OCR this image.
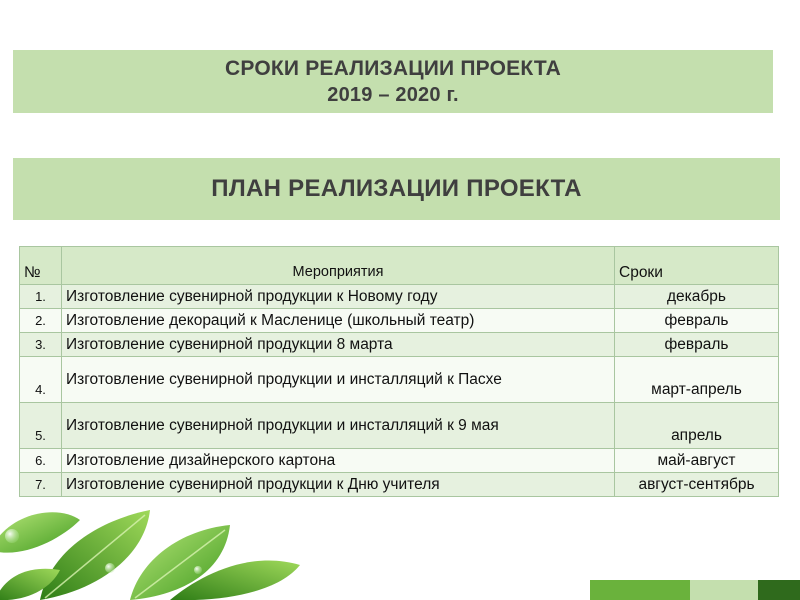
СРОКИ РЕАЛИЗАЦИИ ПРОЕКТА
2019 – 2020 г.
ПЛАН РЕАЛИЗАЦИИ ПРОЕКТА
№	Мероприятия	Сроки
1.	Изготовление сувенирной продукции к Новому году	декабрь
2.	Изготовление декораций к Масленице (школьный театр)	февраль
3.	Изготовление сувенирной продукции 8 марта	февраль
4.	Изготовление сувенирной продукции и инсталляций к Пасхе	март-апрель
5.	Изготовление сувенирной продукции и инсталляций к 9 мая	апрель
6.	Изготовление дизайнерского картона	май-август
7.	Изготовление сувенирной продукции к Дню учителя	август-сентябрь
